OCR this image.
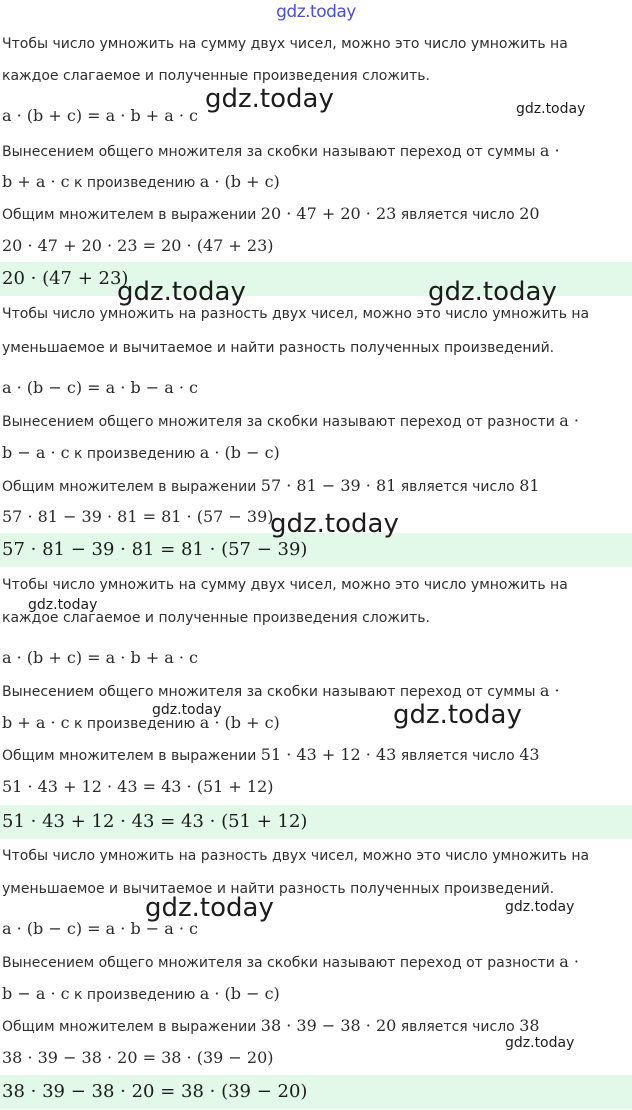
gdz.today
Чтобы число умножить на сумму двух чисел, можно это число умножить на
каждое слагаемое и полученные произведения сложить.
a · (b + c) = a · b + a · c
Вынесением общего множителя за скобки называют переход от суммы a ·
b + a · c к произведению a · (b + c)
Общим множителем в выражении 20 · 47 + 20 · 23 является число 20
20 · 47 + 20 · 23 = 20 · (47 + 23)
20 · (47 + 23)
Чтобы число умножить на разность двух чисел, можно это число умножить на
уменьшаемое и вычитаемое и найти разность полученных произведений.
a · (b − c) = a · b − a · c
Вынесением общего множителя за скобки называют переход от разности a ·
b − a · c к произведению a · (b − c)
Общим множителем в выражении 57 · 81 − 39 · 81 является число 81
57 · 81 − 39 · 81 = 81 · (57 − 39)
57 · 81 − 39 · 81 = 81 · (57 − 39)
Чтобы число умножить на сумму двух чисел, можно это число умножить на
каждое слагаемое и полученные произведения сложить.
a · (b + c) = a · b + a · c
Вынесением общего множителя за скобки называют переход от суммы a ·
b + a · c к произведению a · (b + c)
Общим множителем в выражении 51 · 43 + 12 · 43 является число 43
51 · 43 + 12 · 43 = 43 · (51 + 12)
51 · 43 + 12 · 43 = 43 · (51 + 12)
Чтобы число умножить на разность двух чисел, можно это число умножить на
уменьшаемое и вычитаемое и найти разность полученных произведений.
a · (b − c) = a · b − a · c
Вынесением общего множителя за скобки называют переход от разности a ·
b − a · c к произведению a · (b − c)
Общим множителем в выражении 38 · 39 − 38 · 20 является число 38
38 · 39 − 38 · 20 = 38 · (39 − 20)
38 · 39 − 38 · 20 = 38 · (39 − 20)
gdz.today	gdz.today
gdz.today	gdz.today
gdz.today
gdz.today
gdz.today	gdz.today
gdz.today	gdz.today
gdz.today
